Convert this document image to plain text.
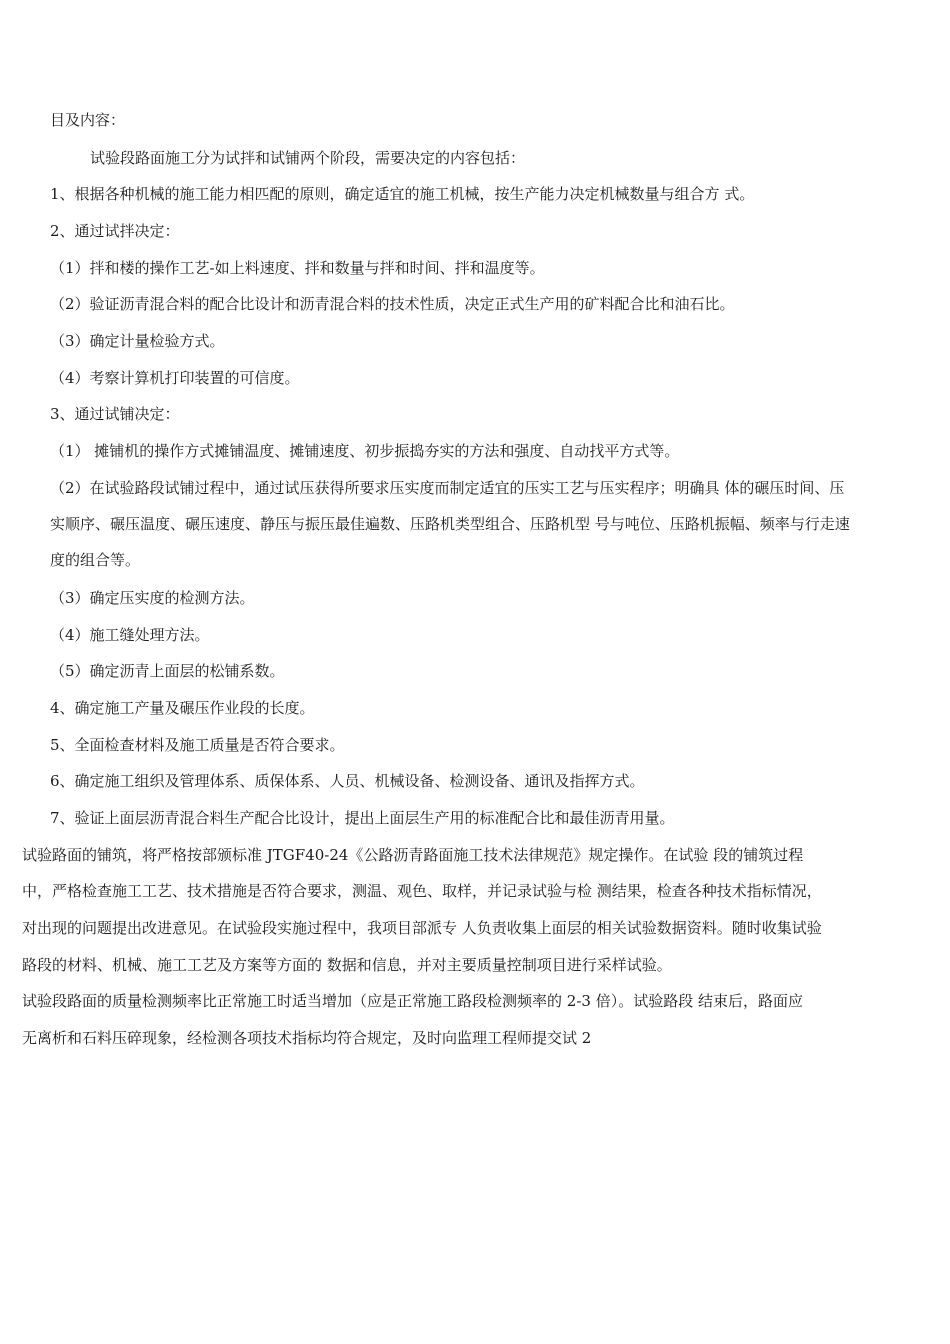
目及内容：
试验段路面施工分为试拌和试铺两个阶段，需要决定的内容包括：
1、根据各种机械的施工能力相匹配的原则，确定适宜的施工机械，按生产能力决定机械数量与组合方 式。
2、通过试拌决定：
（1）拌和楼的操作工艺-如上料速度、拌和数量与拌和时间、拌和温度等。
（2）验证沥青混合料的配合比设计和沥青混合料的技术性质，决定正式生产用的矿料配合比和油石比。
（3）确定计量检验方式。
（4）考察计算机打印装置的可信度。
3、通过试铺决定：
（1） 摊铺机的操作方式摊铺温度、摊铺速度、初步振捣夯实的方法和强度、自动找平方式等。
（2）在试验路段试铺过程中，通过试压获得所要求压实度而制定适宜的压实工艺与压实程序；明确具 体的碾压时间、压
实顺序、碾压温度、碾压速度、静压与振压最佳遍数、压路机类型组合、压路机型 号与吨位、压路机振幅、频率与行走速
度的组合等。
（3）确定压实度的检测方法。
（4）施工缝处理方法。
（5）确定沥青上面层的松铺系数。
4、确定施工产量及碾压作业段的长度。
5、全面检查材料及施工质量是否符合要求。
6、确定施工组织及管理体系、质保体系、人员、机械设备、检测设备、通讯及指挥方式。
7、验证上面层沥青混合料生产配合比设计，提出上面层生产用的标准配合比和最佳沥青用量。
试验路面的铺筑，将严格按部颁标准 JTGF40-24《公路沥青路面施工技术法律规范》规定操作。在试验 段的铺筑过程
中，严格检查施工工艺、技术措施是否符合要求，测温、观色、取样，并记录试验与检 测结果，检查各种技术指标情况，
对出现的问题提出改进意见。在试验段实施过程中，我项目部派专 人负责收集上面层的相关试验数据资料。随时收集试验
路段的材料、机械、施工工艺及方案等方面的 数据和信息，并对主要质量控制项目进行采样试验。
试验段路面的质量检测频率比正常施工时适当增加（应是正常施工路段检测频率的 2-3 倍）。试验路段 结束后，路面应
无离析和石料压碎现象，经检测各项技术指标均符合规定，及时向监理工程师提交试 2
